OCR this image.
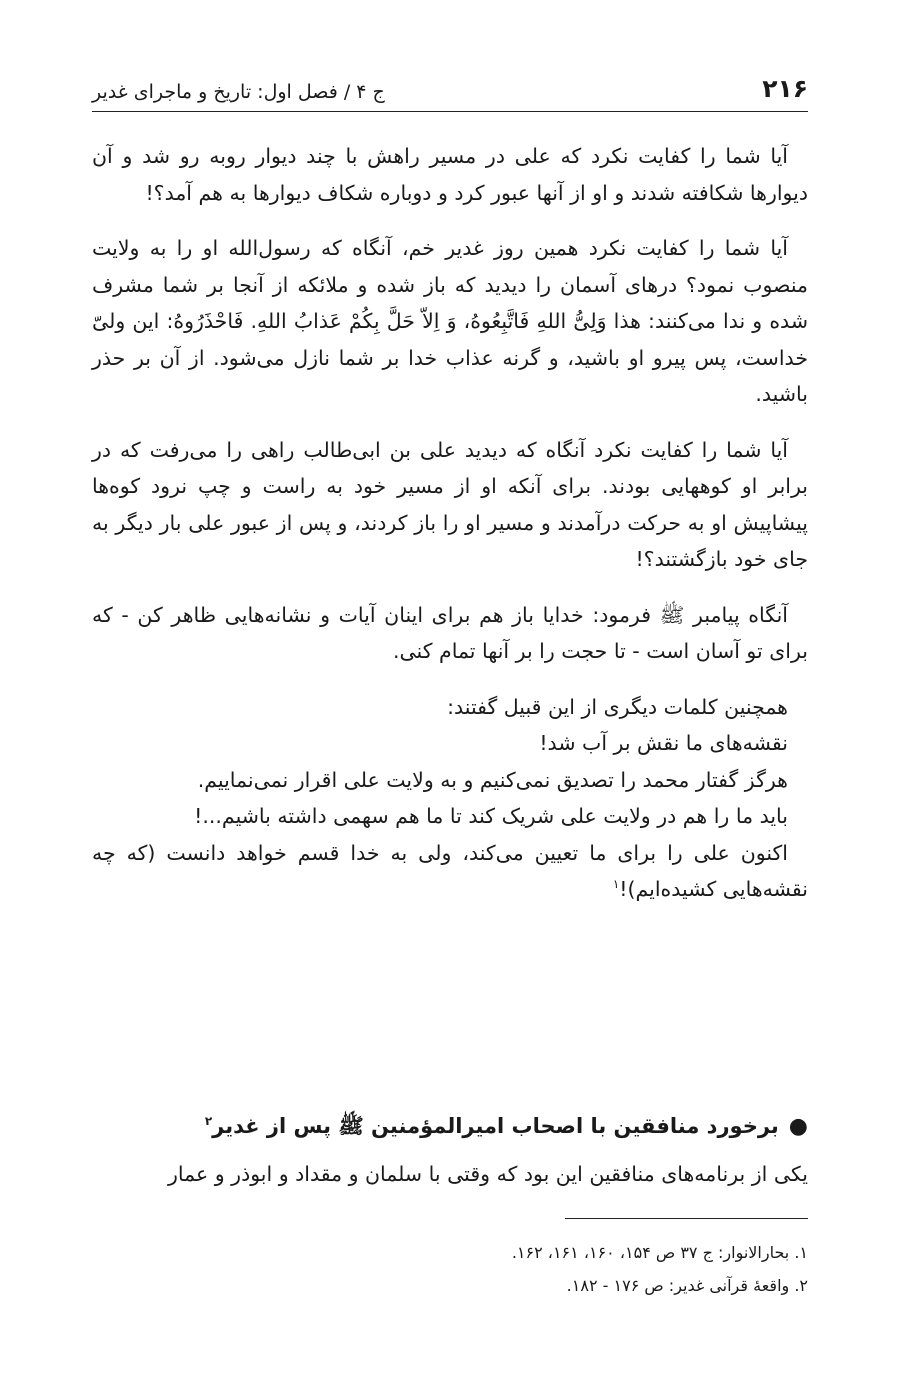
۲۱۶
ج ۴ / فصل اول: تاریخ و ماجرای غدیر

آیا شما را کفایت نکرد که علی در مسیر راهش با چند دیوار روبه رو شد و آن دیوارها شکافته شدند و او از آنها عبور کرد و دوباره شکاف دیوارها به هم آمد؟!

آیا شما را کفایت نکرد همین روز غدیر خم، آنگاه که رسول‌الله او را به ولایت منصوب نمود؟ درهای آسمان را دیدید که باز شده و ملائکه از آنجا بر شما مشرف شده و ندا می‌کنند: هذا وَلِیُّ اللهِ فَاتَّبِعُوهُ، وَ اِلاّ حَلَّ بِکُمْ عَذابُ اللهِ. فَاحْذَرُوهُ: این ولیّ خداست، پس پیرو او باشید، و گرنه عذاب خدا بر شما نازل می‌شود. از آن بر حذر باشید.

آیا شما را کفایت نکرد آنگاه که دیدید علی بن ابی‌طالب راهی را می‌رفت که در برابر او کوههایی بودند. برای آنکه او از مسیر خود به راست و چپ نرود کوه‌ها پیشاپیش او به حرکت درآمدند و مسیر او را باز کردند، و پس از عبور علی بار دیگر به جای خود بازگشتند؟!

آنگاه پیامبر ﷺ فرمود: خدایا باز هم برای اینان آیات و نشانه‌هایی ظاهر کن - که برای تو آسان است - تا حجت را بر آنها تمام کنی.

همچنین کلمات دیگری از این قبیل گفتند:
نقشه‌های ما نقش بر آب شد!
هرگز گفتار محمد را تصدیق نمی‌کنیم و به ولایت علی اقرار نمی‌نماییم.
باید ما را هم در ولایت علی شریک کند تا ما هم سهمی داشته باشیم...!
اکنون علی را برای ما تعیین می‌کند، ولی به خدا قسم خواهد دانست (که چه نقشه‌هایی کشیده‌ایم)!$^۱$
●برخورد منافقین با اصحاب امیرالمؤمنین ﷺ پس از غدیر$^۲$
یکی از برنامه‌های منافقین این بود که وقتی با سلمان و مقداد و ابوذر و عمار
۱. بحارالانوار: ج ۳۷ ص ۱۵۴، ۱۶۰، ۱۶۱، ۱۶۲.
۲. واقعهٔ قرآنی غدیر: ص ۱۷۶ - ۱۸۲.
